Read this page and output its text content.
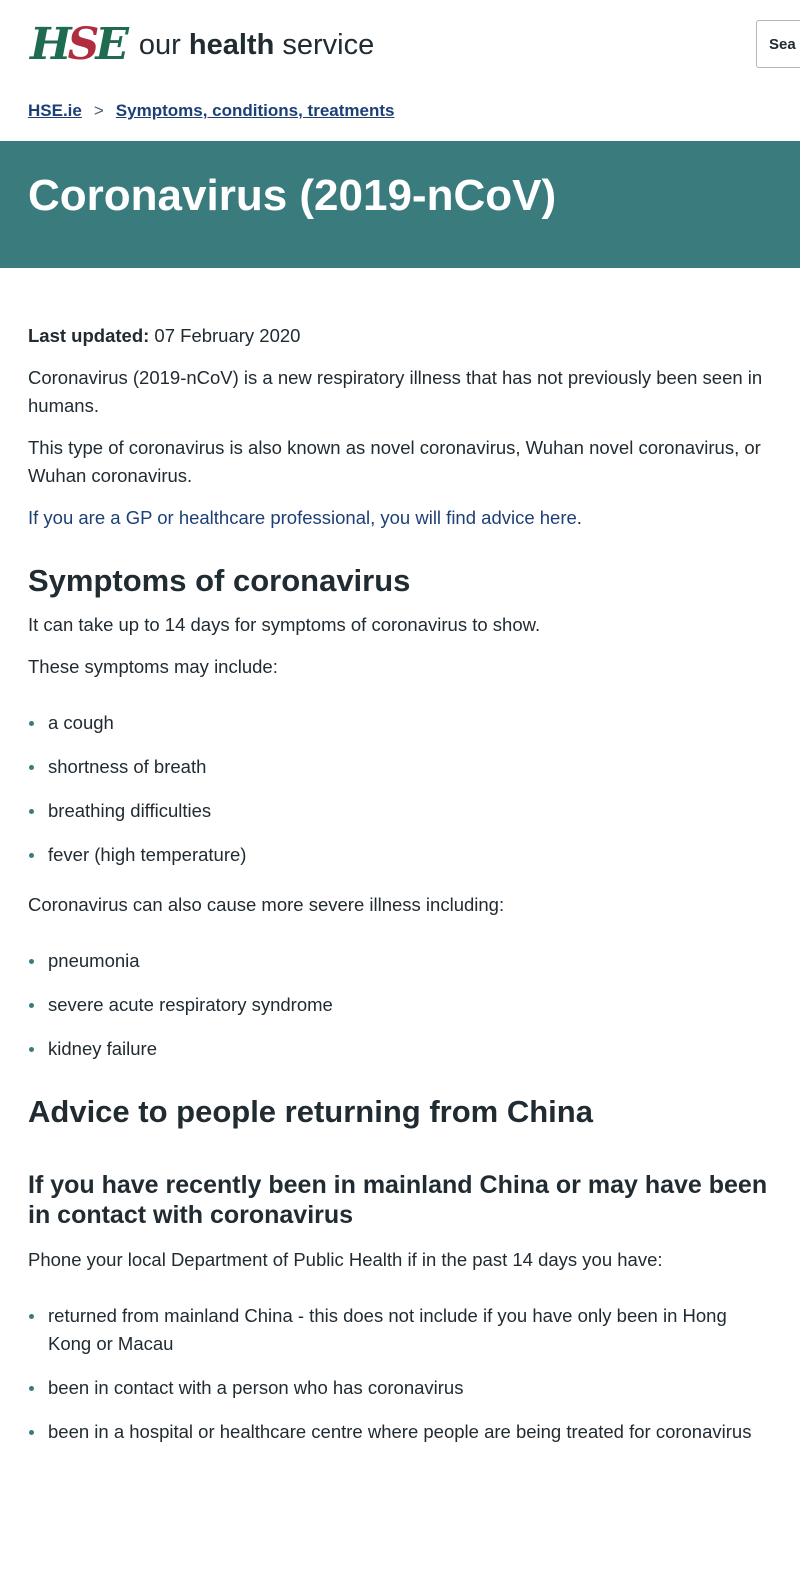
HSE our health service	Sea
HSE.ie > Symptoms, conditions, treatments
Coronavirus (2019-nCoV)

Last updated: 07 February 2020

Coronavirus (2019-nCoV) is a new respiratory illness that has not previously been seen in humans.

This type of coronavirus is also known as novel coronavirus, Wuhan novel coronavirus, or Wuhan coronavirus.

If you are a GP or healthcare professional, you will find advice here.

Symptoms of coronavirus

It can take up to 14 days for symptoms of coronavirus to show.

These symptoms may include:

a cough
shortness of breath
breathing difficulties
fever (high temperature)

Coronavirus can also cause more severe illness including:

pneumonia
severe acute respiratory syndrome
kidney failure
Advice to people returning from China
If you have recently been in mainland China or may have been in contact with coronavirus

Phone your local Department of Public Health if in the past 14 days you have:

returned from mainland China - this does not include if you have only been in Hong Kong or Macau
been in contact with a person who has coronavirus
been in a hospital or healthcare centre where people are being treated for coronavirus
